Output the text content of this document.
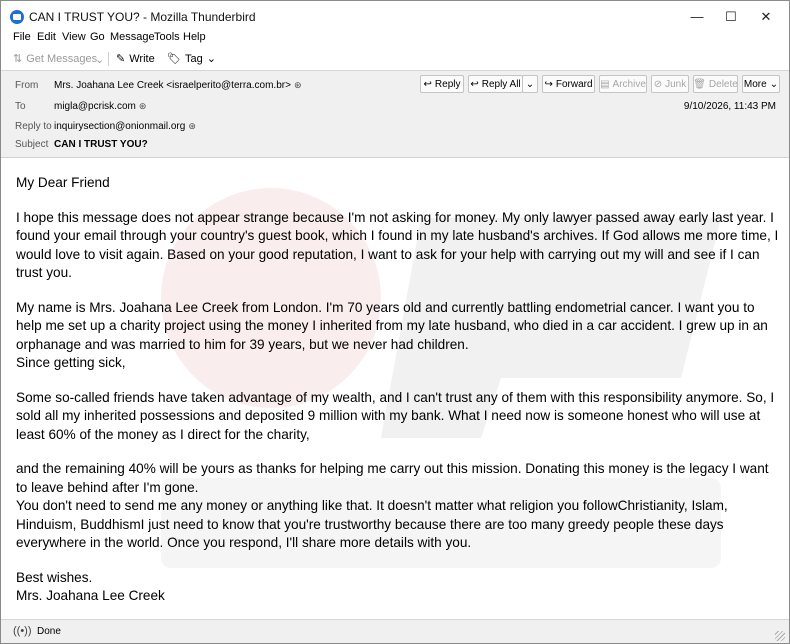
CAN I TRUST YOU? - Mozilla Thunderbird	—	☐	✕
File Edit View Go Message Tools Help
⇅ Get Messages
⌄ ✎ Write 🏷 Tag ⌄
From Mrs. Joahana Lee Creek <israelperito@terra.com.br> ⊛
To	migla@pcrisk.com ⊛
Reply to inquirysection@onionmail.org ⊛
Subject CAN I TRUST YOU?
9/10/2026, 11:43 PM
↩ Reply ↩ Reply All ⌄ ↪ Forward ▤ Archive ⊘ Junk 🗑 Delete More ⌄

My Dear Friend

I hope this message does not appear strange because I'm not asking for money. My only lawyer passed away early last year. I found your email through your country's guest book, which I found in my late husband's archives. If God allows me more time, I would love to visit again. Based on your good reputation, I want to ask for your help with carrying out my will and see if I can trust you.

My name is Mrs. Joahana Lee Creek from London. I'm 70 years old and currently battling endometrial cancer. I want you to help me set up a charity project using the money I inherited from my late husband, who died in a car accident. I grew up in an orphanage and was married to him for 39 years, but we never had children.

Since getting sick,

Some so-called friends have taken advantage of my wealth, and I can't trust any of them with this responsibility anymore. So, I sold all my inherited possessions and deposited 9 million with my bank. What I need now is someone honest who will use at least 60% of the money as I direct for the charity,

and the remaining 40% will be yours as thanks for helping me carry out this mission. Donating this money is the legacy I want to leave behind after I'm gone.

You don't need to send me any money or anything like that. It doesn't matter what religion you followChristianity, Islam, Hinduism, BuddhismI just need to know that you're trustworthy because there are too many greedy people these days everywhere in the world. Once you respond, I'll share more details with you.

Best wishes.

Mrs. Joahana Lee Creek

((•)) Done
